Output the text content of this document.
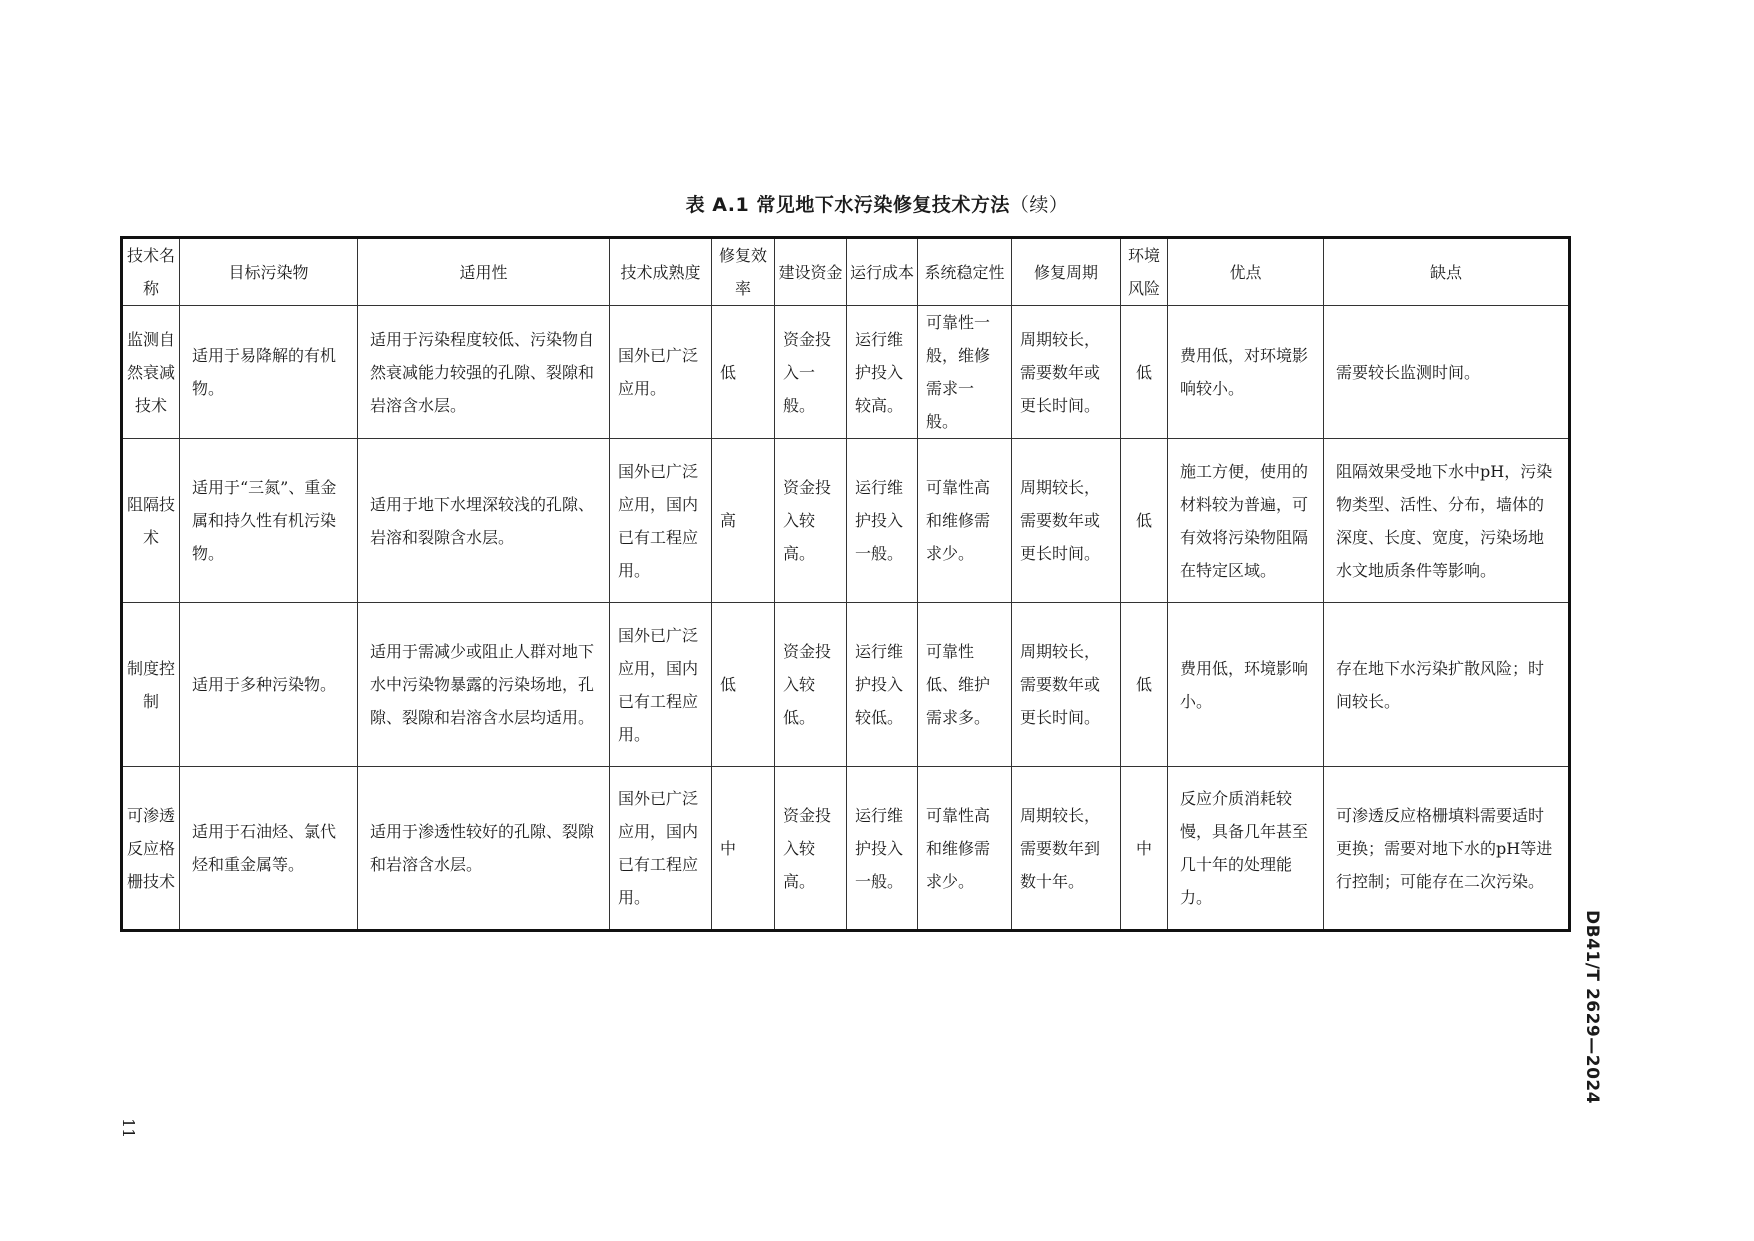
表 A.1 常见地下水污染修复技术方法（续）
技术名称	目标污染物	适用性	技术成熟度	修复效率	建设资金	运行成本	系统稳定性	修复周期	环境风险	优点	缺点
监测自然衰减技术	适用于易降解的有机物。	适用于污染程度较低、污染物自然衰减能力较强的孔隙、裂隙和岩溶含水层。	国外已广泛应用。	低	资金投入一般。	运行维护投入较高。	可靠性一般，维修需求一般。	周期较长，需要数年或更长时间。	低	费用低，对环境影响较小。	需要较长监测时间。
阻隔技术	适用于“三氮”、重金属和持久性有机污染物。	适用于地下水埋深较浅的孔隙、岩溶和裂隙含水层。	国外已广泛应用，国内已有工程应用。	高	资金投入较高。	运行维护投入一般。	可靠性高和维修需求少。	周期较长，需要数年或更长时间。	低	施工方便，使用的材料较为普遍，可有效将污染物阻隔在特定区域。	阻隔效果受地下水中pH，污染物类型、活性、分布，墙体的深度、长度、宽度，污染场地水文地质条件等影响。
制度控制	适用于多种污染物。	适用于需减少或阻止人群对地下水中污染物暴露的污染场地，孔隙、裂隙和岩溶含水层均适用。	国外已广泛应用，国内已有工程应用。	低	资金投入较低。	运行维护投入较低。	可靠性低、维护需求多。	周期较长，需要数年或更长时间。	低	费用低，环境影响小。	存在地下水污染扩散风险；时间较长。
可渗透反应格栅技术	适用于石油烃、氯代烃和重金属等。	适用于渗透性较好的孔隙、裂隙和岩溶含水层。	国外已广泛应用，国内已有工程应用。	中	资金投入较高。	运行维护投入一般。	可靠性高和维修需求少。	周期较长，需要数年到数十年。	中	反应介质消耗较慢，具备几年甚至几十年的处理能力。	可渗透反应格栅填料需要适时更换；需要对地下水的pH等进行控制；可能存在二次污染。
DB41/T 2629—2024
11
